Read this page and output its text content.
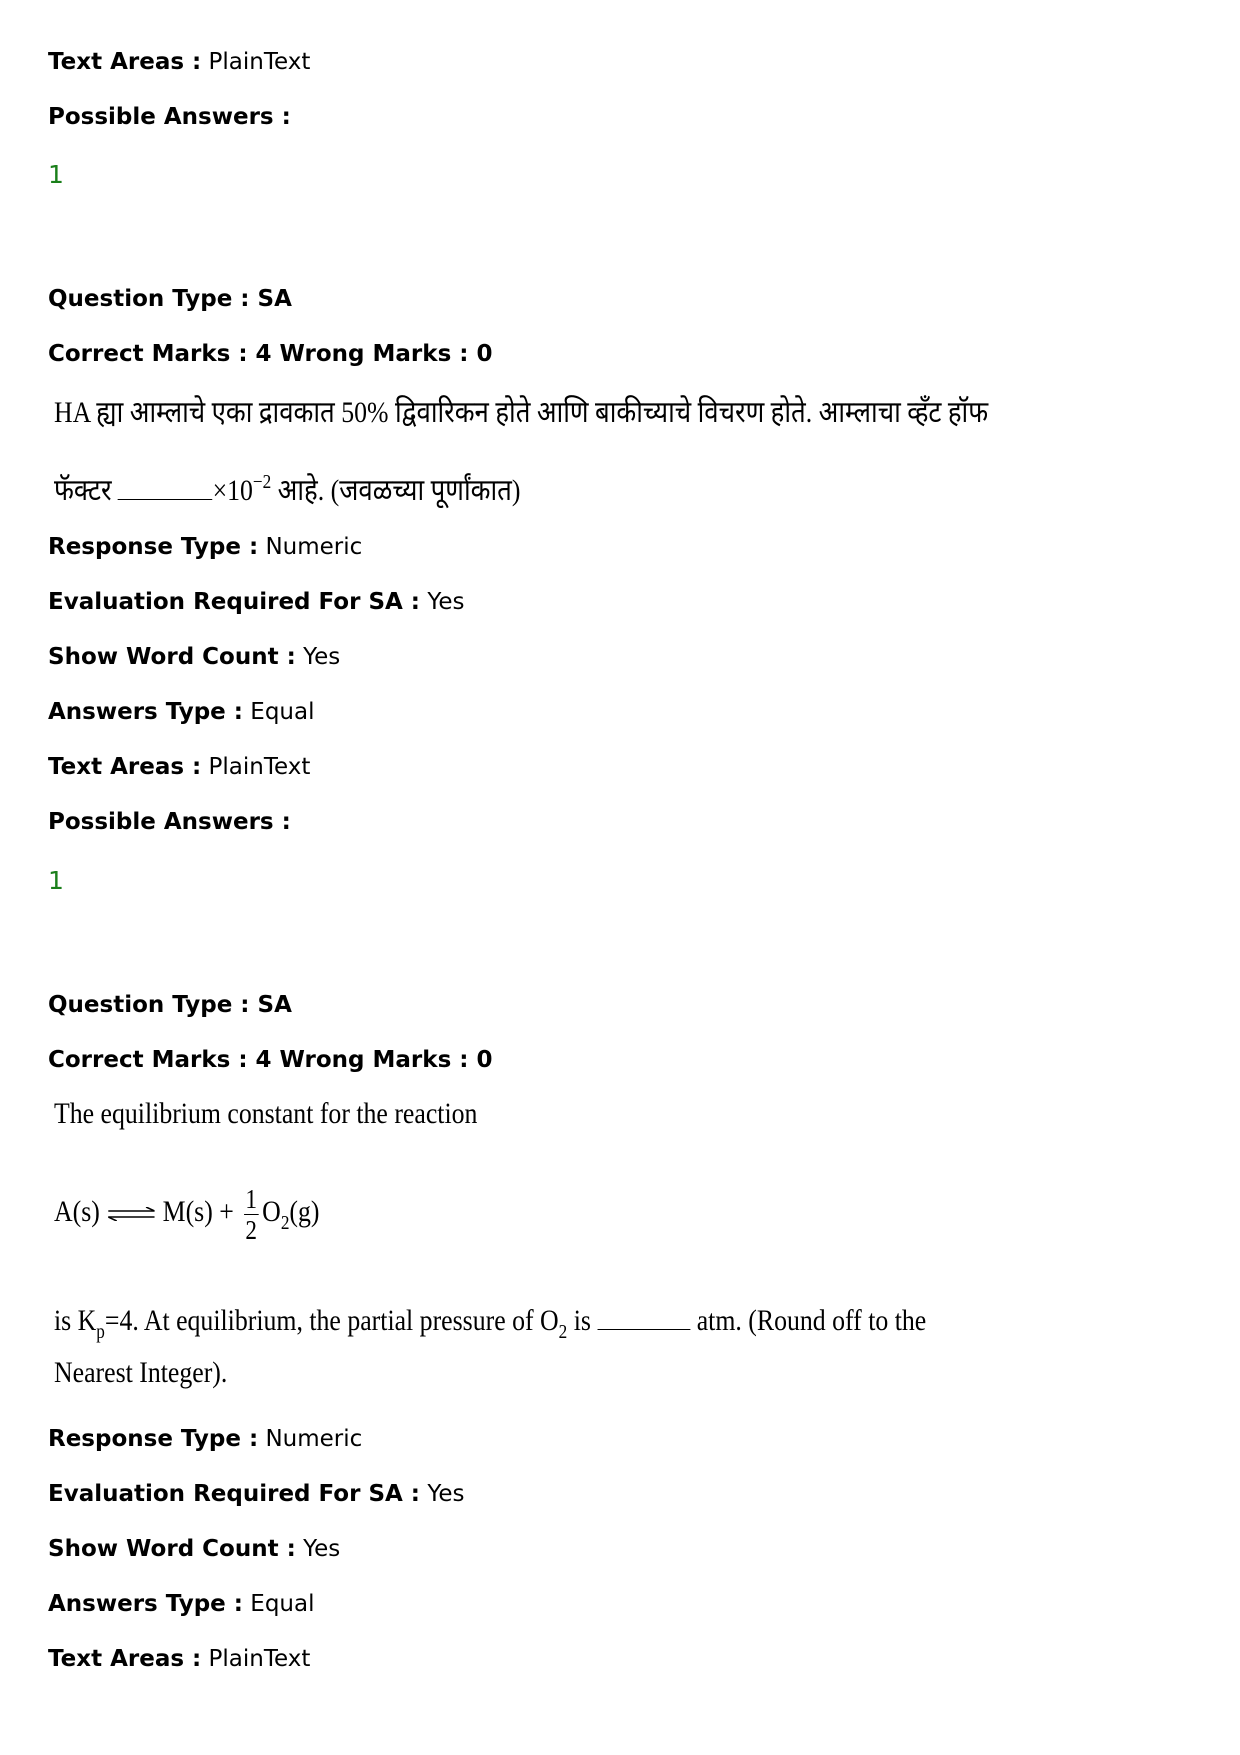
Text Areas : PlainText
Possible Answers :
1
Question Type : SA
Correct Marks : 4 Wrong Marks : 0
HA ह्या आम्लाचे एका द्रावकात 50% द्विवारिकन होते आणि बाकीच्याचे विचरण होते. आम्लाचा व्हँट हॉफ
फॅक्टर	$\times 10^{-2}$ आहे. (जवळच्या पूर्णांकात)
Response Type : Numeric
Evaluation Required For SA : Yes
Show Word Count : Yes
Answers Type : Equal
Text Areas : PlainText
Possible Answers :
1
Question Type : SA
Correct Marks : 4 Wrong Marks : 0
The equilibrium constant for the reaction
A(s) ⇌ $M(s) + \frac{1}{2} O_2(g)$
is $K_p=4$. At equilibrium, the partial pressure of $O_2$ is	atm. (Round off to the
Nearest Integer).
Response Type : Numeric
Evaluation Required For SA : Yes
Show Word Count : Yes
Answers Type : Equal
Text Areas : PlainText
